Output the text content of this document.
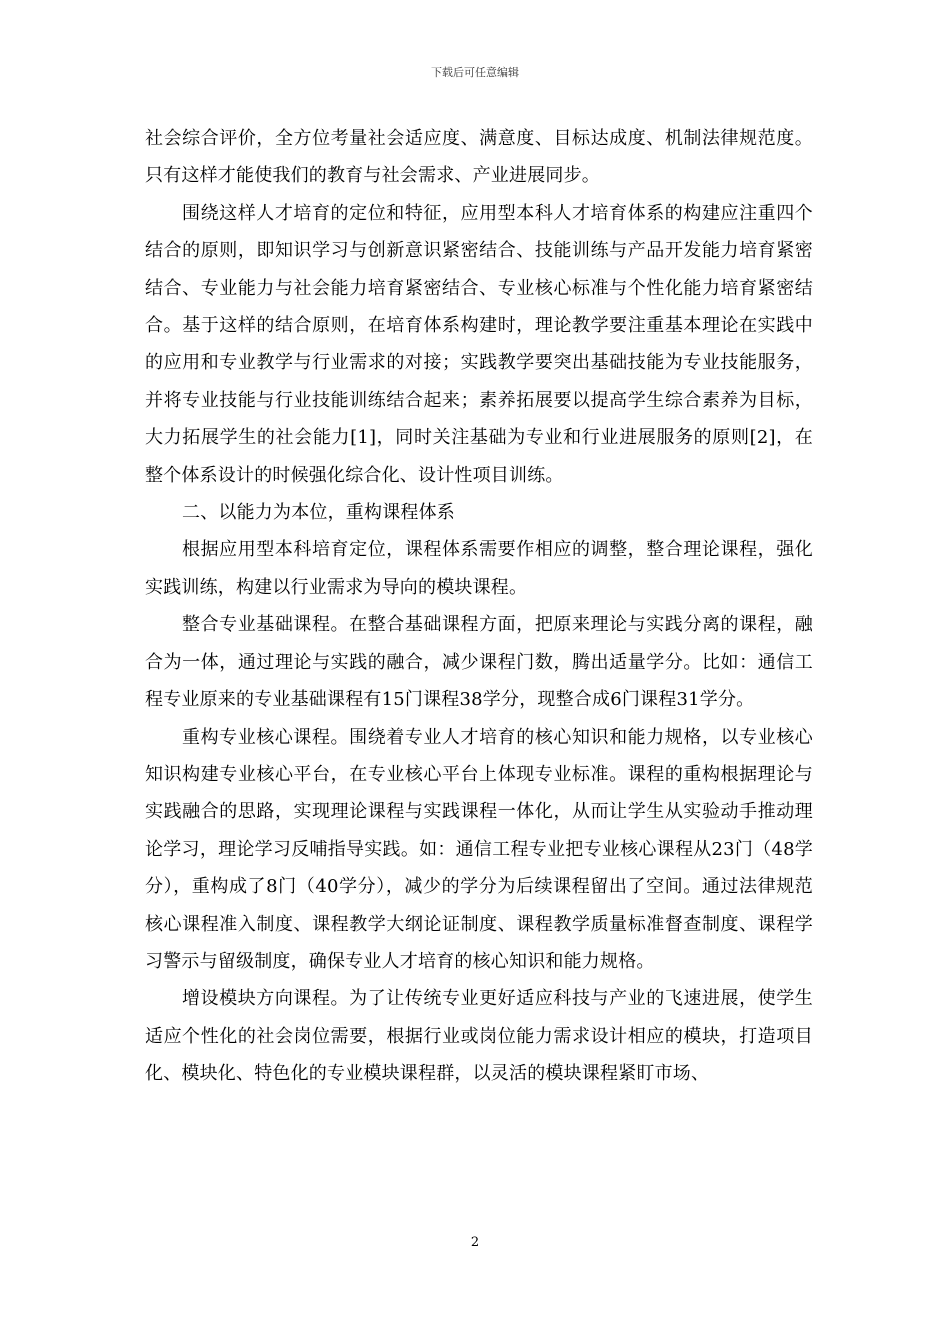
下载后可任意编辑

社会综合评价，全方位考量社会适应度、满意度、目标达成度、机制法律规范度。只有这样才能使我们的教育与社会需求、产业进展同步。

围绕这样人才培育的定位和特征，应用型本科人才培育体系的构建应注重四个结合的原则，即知识学习与创新意识紧密结合、技能训练与产品开发能力培育紧密结合、专业能力与社会能力培育紧密结合、专业核心标准与个性化能力培育紧密结合。基于这样的结合原则，在培育体系构建时，理论教学要注重基本理论在实践中的应用和专业教学与行业需求的对接；实践教学要突出基础技能为专业技能服务，并将专业技能与行业技能训练结合起来；素养拓展要以提高学生综合素养为目标，大力拓展学生的社会能力[1]，同时关注基础为专业和行业进展服务的原则[2]，在整个体系设计的时候强化综合化、设计性项目训练。

二、以能力为本位，重构课程体系

根据应用型本科培育定位，课程体系需要作相应的调整，整合理论课程，强化实践训练，构建以行业需求为导向的模块课程。

整合专业基础课程。在整合基础课程方面，把原来理论与实践分离的课程，融合为一体，通过理论与实践的融合，减少课程门数，腾出适量学分。比如：通信工程专业原来的专业基础课程有15门课程38学分，现整合成6门课程31学分。

重构专业核心课程。围绕着专业人才培育的核心知识和能力规格，以专业核心知识构建专业核心平台，在专业核心平台上体现专业标准。课程的重构根据理论与实践融合的思路，实现理论课程与实践课程一体化，从而让学生从实验动手推动理论学习，理论学习反哺指导实践。如：通信工程专业把专业核心课程从23门（48学分），重构成了8门（40学分），减少的学分为后续课程留出了空间。通过法律规范核心课程准入制度、课程教学大纲论证制度、课程教学质量标准督查制度、课程学习警示与留级制度，确保专业人才培育的核心知识和能力规格。

增设模块方向课程。为了让传统专业更好适应科技与产业的飞速进展，使学生适应个性化的社会岗位需要，根据行业或岗位能力需求设计相应的模块，打造项目化、模块化、特色化的专业模块课程群，以灵活的模块课程紧盯市场、

2
